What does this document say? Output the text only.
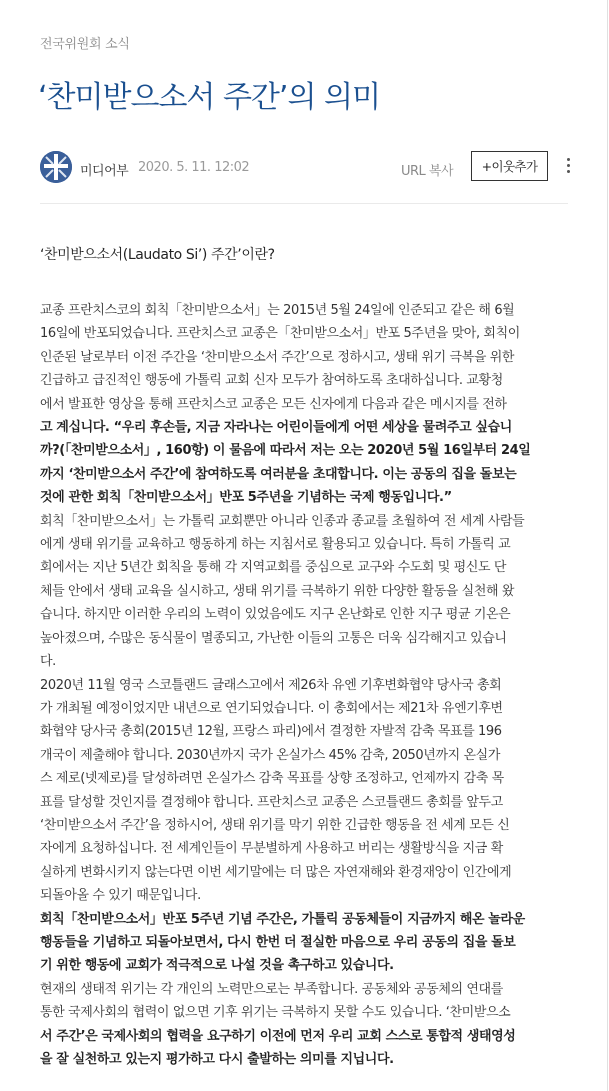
전국위원회 소식
‘찬미받으소서 주간’의 의미
미디어부 2020. 5. 11. 12:02	URL 복사	+이웃추가

‘찬미받으소서(Laudato Si’) 주간’이란?

교종 프란치스코의 회칙「찬미받으소서」는 2015년 5월 24일에 인준되고 같은 해 6월
16일에 반포되었습니다. 프란치스코 교종은「찬미받으소서」반포 5주년을 맞아, 회칙이
인준된 날로부터 이전 주간을 ‘찬미받으소서 주간’으로 정하시고, 생태 위기 극복을 위한
긴급하고 급진적인 행동에 가톨릭 교회 신자 모두가 참여하도록 초대하십니다. 교황청
에서 발표한 영상을 통해 프란치스코 교종은 모든 신자에게 다음과 같은 메시지를 전하
고 계십니다. “우리 후손들, 지금 자라나는 어린이들에게 어떤 세상을 물려주고 싶습니
까?(「찬미받으소서」, 160항) 이 물음에 따라서 저는 오는 2020년 5월 16일부터 24일
까지 ‘찬미받으소서 주간’에 참여하도록 여러분을 초대합니다. 이는 공동의 집을 돌보는
것에 관한 회칙「찬미받으소서」반포 5주년을 기념하는 국제 행동입니다.”

회칙「찬미받으소서」는 가톨릭 교회뿐만 아니라 인종과 종교를 초월하여 전 세계 사람들
에게 생태 위기를 교육하고 행동하게 하는 지침서로 활용되고 있습니다. 특히 가톨릭 교
회에서는 지난 5년간 회칙을 통해 각 지역교회를 중심으로 교구와 수도회 및 평신도 단
체들 안에서 생태 교육을 실시하고, 생태 위기를 극복하기 위한 다양한 활동을 실천해 왔
습니다. 하지만 이러한 우리의 노력이 있었음에도 지구 온난화로 인한 지구 평균 기온은
높아졌으며, 수많은 동식물이 멸종되고, 가난한 이들의 고통은 더욱 심각해지고 있습니
다.

2020년 11월 영국 스코틀랜드 글래스고에서 제26차 유엔 기후변화협약 당사국 총회
가 개최될 예정이었지만 내년으로 연기되었습니다. 이 총회에서는 제21차 유엔기후변
화협약 당사국 총회(2015년 12월, 프랑스 파리)에서 결정한 자발적 감축 목표를 196
개국이 제출해야 합니다. 2030년까지 국가 온실가스 45% 감축, 2050년까지 온실가
스 제로(넷제로)를 달성하려면 온실가스 감축 목표를 상향 조정하고, 언제까지 감축 목
표를 달성할 것인지를 결정해야 합니다. 프란치스코 교종은 스코틀랜드 총회를 앞두고
‘찬미받으소서 주간’을 정하시어, 생태 위기를 막기 위한 긴급한 행동을 전 세계 모든 신
자에게 요청하십니다. 전 세계인들이 무분별하게 사용하고 버리는 생활방식을 지금 확
실하게 변화시키지 않는다면 이번 세기말에는 더 많은 자연재해와 환경재앙이 인간에게
되돌아올 수 있기 때문입니다.

회칙「찬미받으소서」반포 5주년 기념 주간은, 가톨릭 공동체들이 지금까지 해온 놀라운
행동들을 기념하고 되돌아보면서, 다시 한번 더 절실한 마음으로 우리 공동의 집을 돌보
기 위한 행동에 교회가 적극적으로 나설 것을 촉구하고 있습니다.

현재의 생태적 위기는 각 개인의 노력만으로는 부족합니다. 공동체와 공동체의 연대를
통한 국제사회의 협력이 없으면 기후 위기는 극복하지 못할 수도 있습니다. ‘찬미받으소
서 주간’은 국제사회의 협력을 요구하기 이전에 먼저 우리 교회 스스로 통합적 생태영성
을 잘 실천하고 있는지 평가하고 다시 출발하는 의미를 지닙니다.
